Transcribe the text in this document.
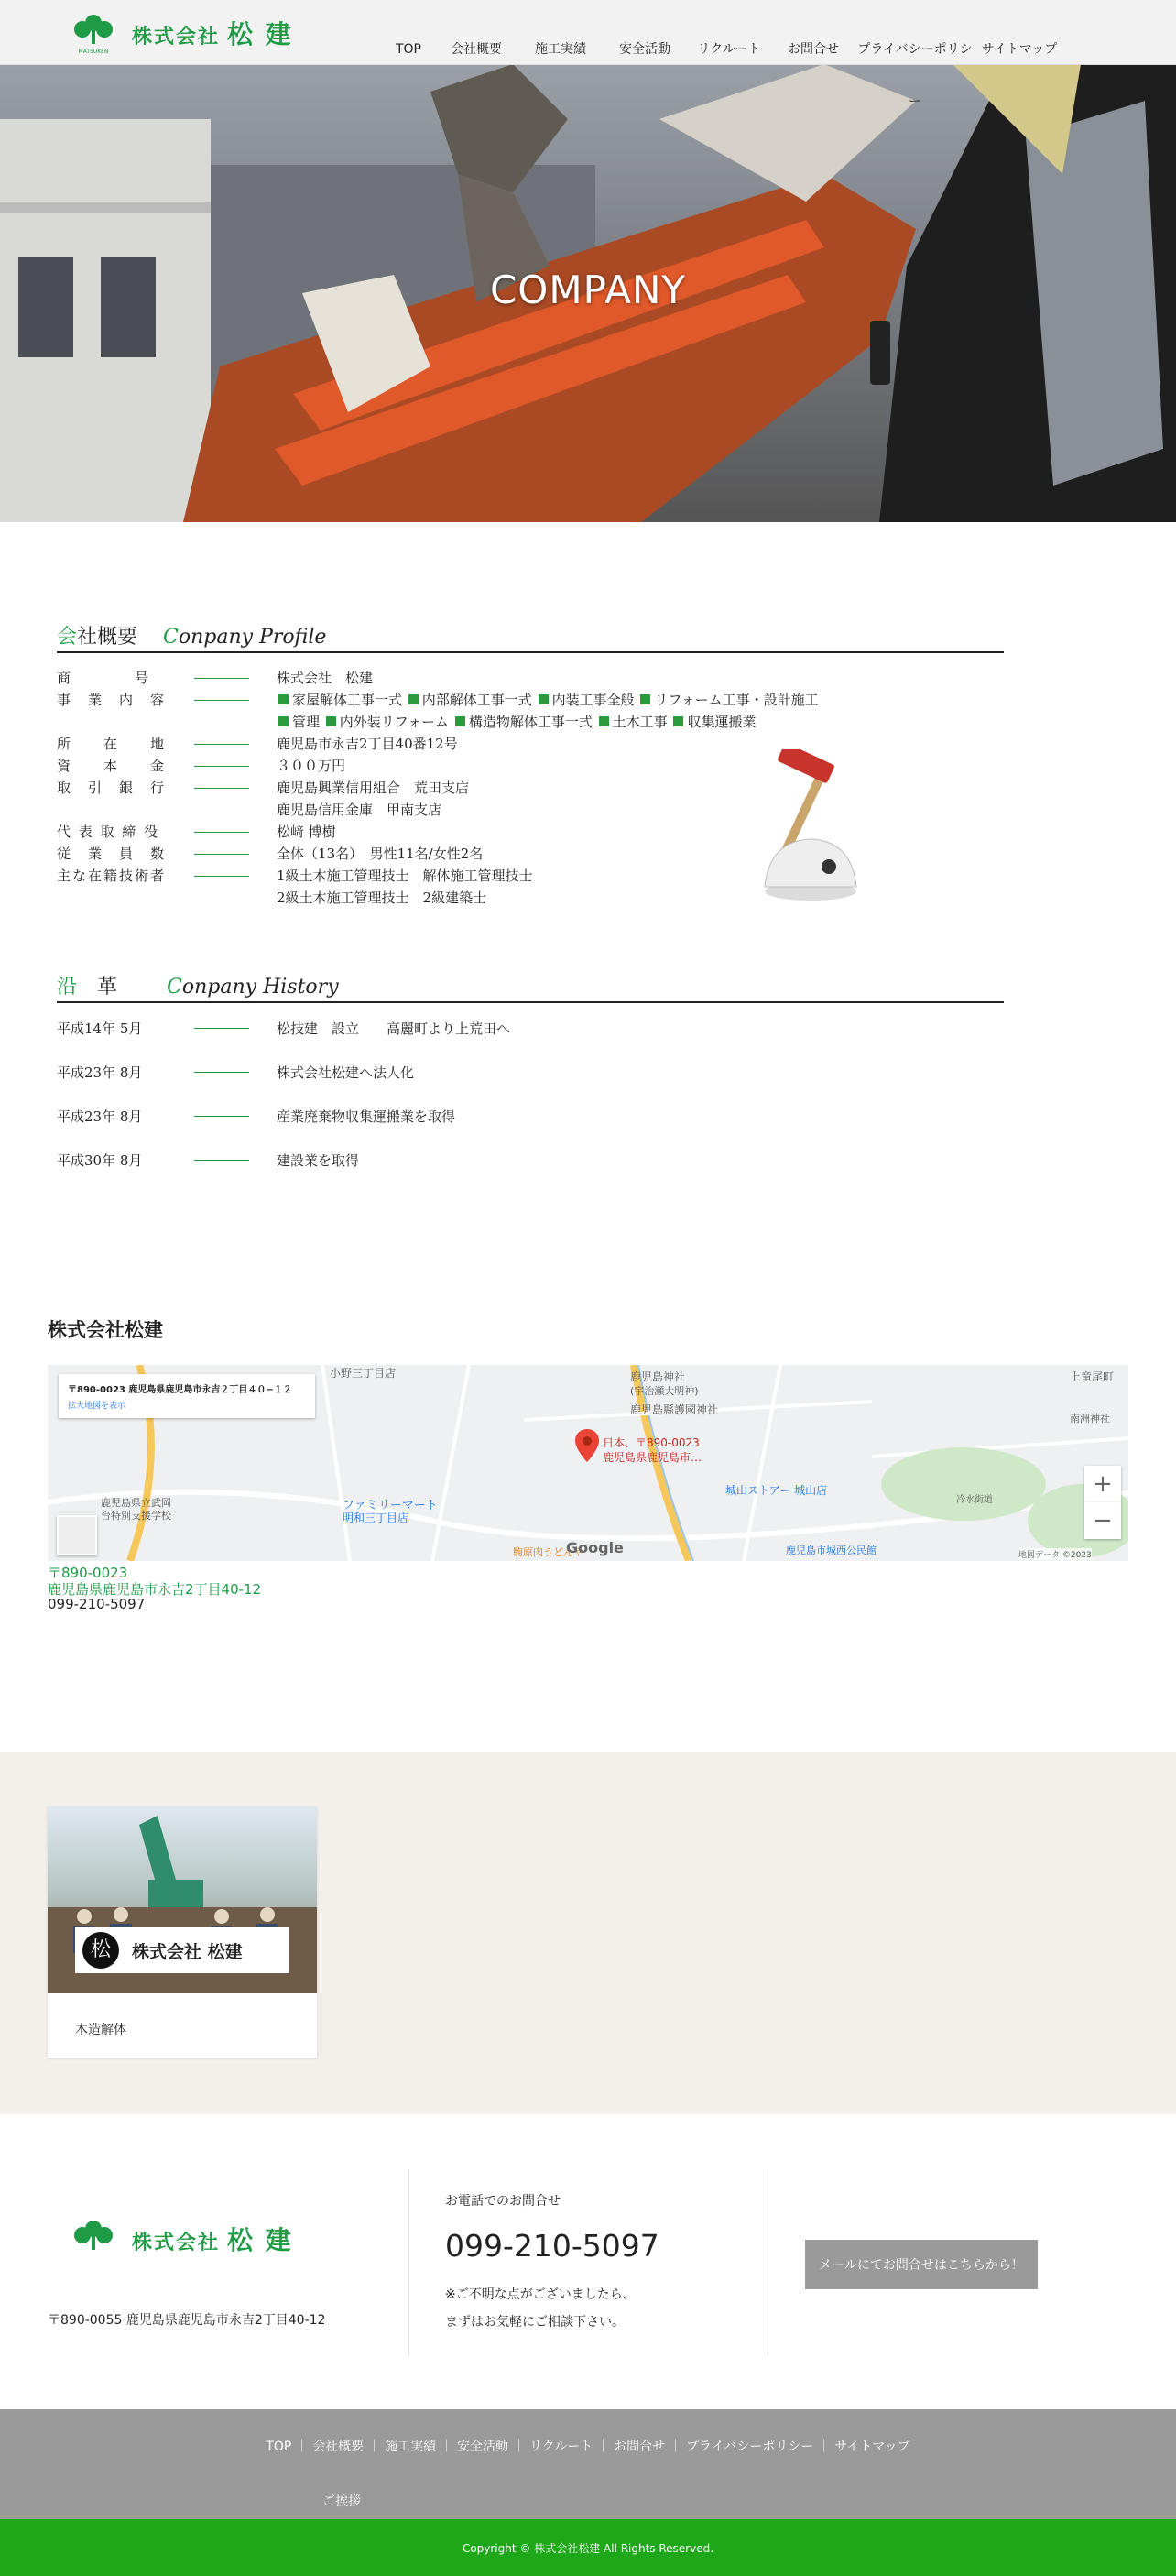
MATSUKEN
株式会社 松 建	TOP	会社概要	施工実績	安全活動	リクルート	お問合せ	プライバシーポリシー
サイトマップ
COMPANY
会社概要 Conpany Profile
商　　　　号	株式会社　松建
事　業　内　容	家屋解体工事一式 内部解体工事一式 内装工事全般 リフォーム工事・設計施工
管理 内外装リフォーム 構造物解体工事一式 土木工事 収集運搬業
所　　在　　地	鹿児島市永吉2丁目40番12号
資　　本　　金	３００万円
取　引　銀　行	鹿児島興業信用組合　荒田支店
鹿児島信用金庫　甲南支店
代 表 取 締 役	松﨑 博樹
従　業　員　数	全体（13名）　男性11名/女性2名
主な在籍技術者	1級土木施工管理技士　解体施工管理技士
2級土木施工管理技士　2級建築士
沿　革 Conpany History
平成14年 5月	松技建　設立　　高麗町より上荒田へ
平成23年 8月	株式会社松建へ法人化
平成23年 8月	産業廃棄物収集運搬業を取得
平成30年 8月	建設業を取得
株式会社松建
〒890-0023 鹿児島県鹿児島市永吉２丁目４０−１２
拡大地図を表示
小野三丁目店	鹿児島神社
(宇治瀬大明神)
鹿児島縣護國神社
上竜尾町
ファミリーマート
明和三丁目店
城山ストアー 城山店
鹿児島市城西公民館
鹿児島県立武岡
台特別支援学校
南洲神社
冷水街道
駒原肉うどんや
日本、〒890-0023
鹿児島県鹿児島市…
Google	地図データ ©2023
+
−
〒890-0023
鹿児島県鹿児島市永吉2丁目40-12
099-210-5097
松	株式会社 松建
木造解体
株式会社 松 建
〒890-0055 鹿児島県鹿児島市永吉2丁目40-12
お電話でのお問合せ
099-210-5097
※ご不明な点がございましたら、
まずはお気軽にご相談下さい。
メールにてお問合せはこちらから！
TOP ｜ 会社概要 ｜ 施工実績 ｜ 安全活動 ｜ リクルート ｜ お問合せ ｜ プライバシーポリシー ｜ サイトマップ
ご挨拶
Copyright © 株式会社松建 All Rights Reserved.
